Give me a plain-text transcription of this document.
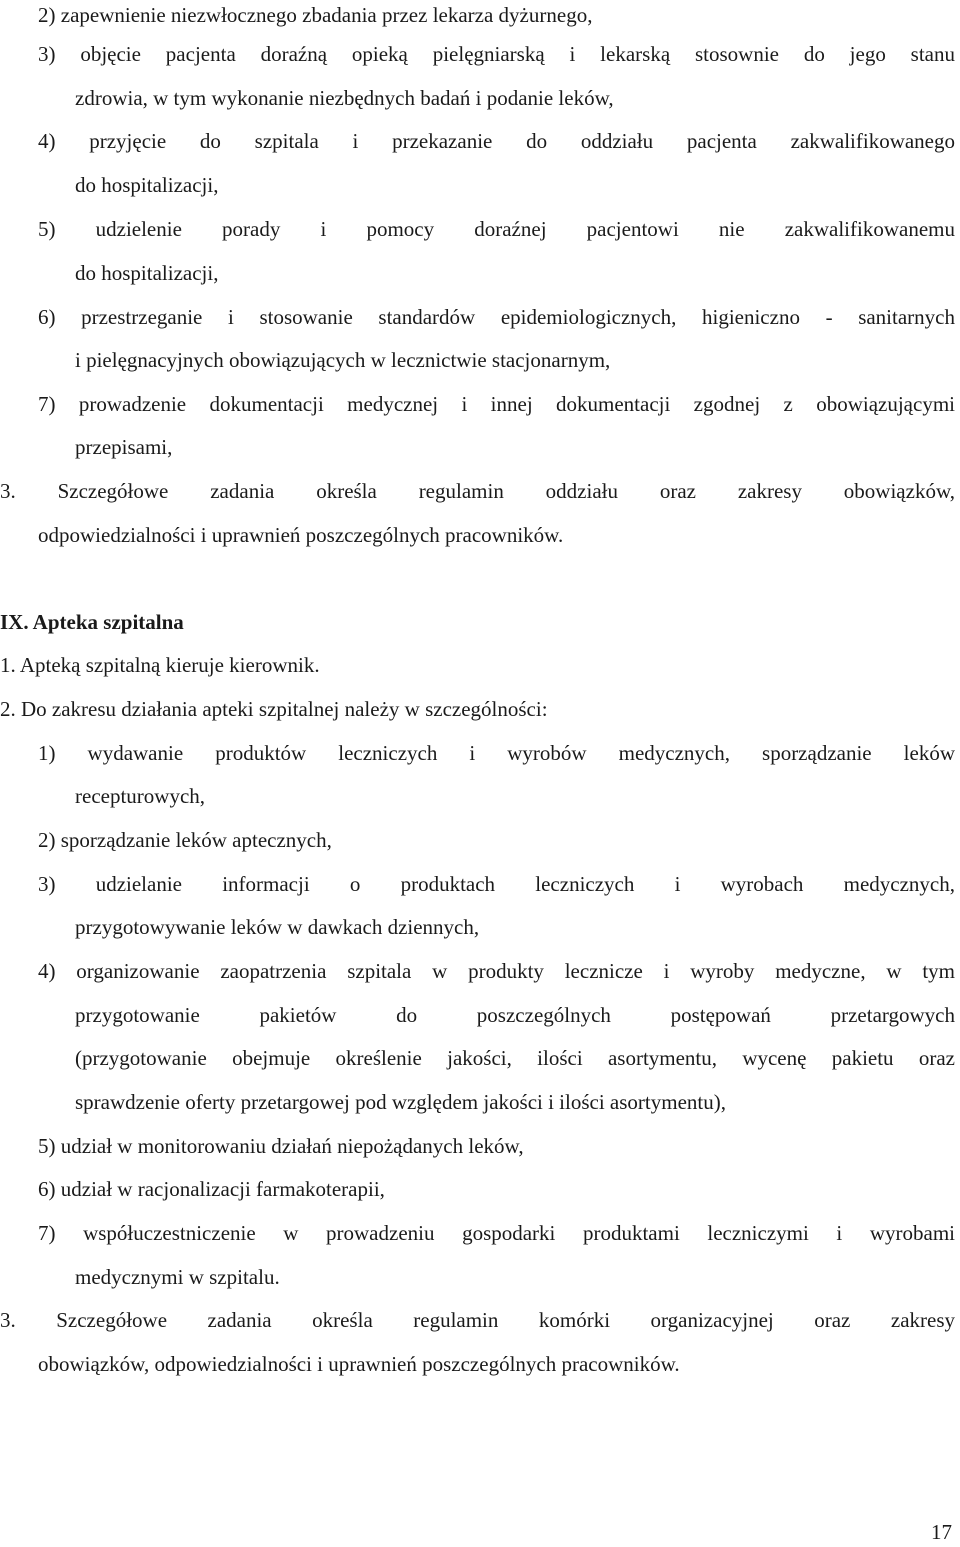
2) zapewnienie niezwłocznego zbadania przez lekarza dyżurnego,
3) objęcie pacjenta doraźną opieką pielęgniarską i lekarską stosownie do jego stanu
zdrowia, w tym wykonanie niezbędnych badań i podanie leków,
4) przyjęcie do szpitala i przekazanie do oddziału pacjenta zakwalifikowanego
do hospitalizacji,
5) udzielenie porady i pomocy doraźnej pacjentowi nie zakwalifikowanemu
do hospitalizacji,
6) przestrzeganie i stosowanie standardów epidemiologicznych, higieniczno - sanitarnych
i pielęgnacyjnych obowiązujących w lecznictwie stacjonarnym,
7) prowadzenie dokumentacji medycznej i innej dokumentacji zgodnej z obowiązującymi
przepisami,
3. Szczegółowe zadania określa regulamin oddziału oraz zakresy obowiązków,
odpowiedzialności i uprawnień poszczególnych pracowników.
IX. Apteka szpitalna
1. Apteką szpitalną kieruje kierownik.
2. Do zakresu działania apteki szpitalnej należy w szczególności:
1) wydawanie produktów leczniczych i wyrobów medycznych, sporządzanie leków
recepturowych,
2) sporządzanie leków aptecznych,
3) udzielanie informacji o produktach leczniczych i wyrobach medycznych,
przygotowywanie leków w dawkach dziennych,
4) organizowanie zaopatrzenia szpitala w produkty lecznicze i wyroby medyczne, w tym
przygotowanie pakietów do poszczególnych postępowań przetargowych
(przygotowanie obejmuje określenie jakości, ilości asortymentu, wycenę pakietu oraz
sprawdzenie oferty przetargowej pod względem jakości i ilości asortymentu),
5) udział w monitorowaniu działań niepożądanych leków,
6) udział w racjonalizacji farmakoterapii,
7) współuczestniczenie w prowadzeniu gospodarki produktami leczniczymi i wyrobami
medycznymi w szpitalu.
3. Szczegółowe zadania określa regulamin komórki organizacyjnej oraz zakresy
obowiązków, odpowiedzialności i uprawnień poszczególnych pracowników.
17
